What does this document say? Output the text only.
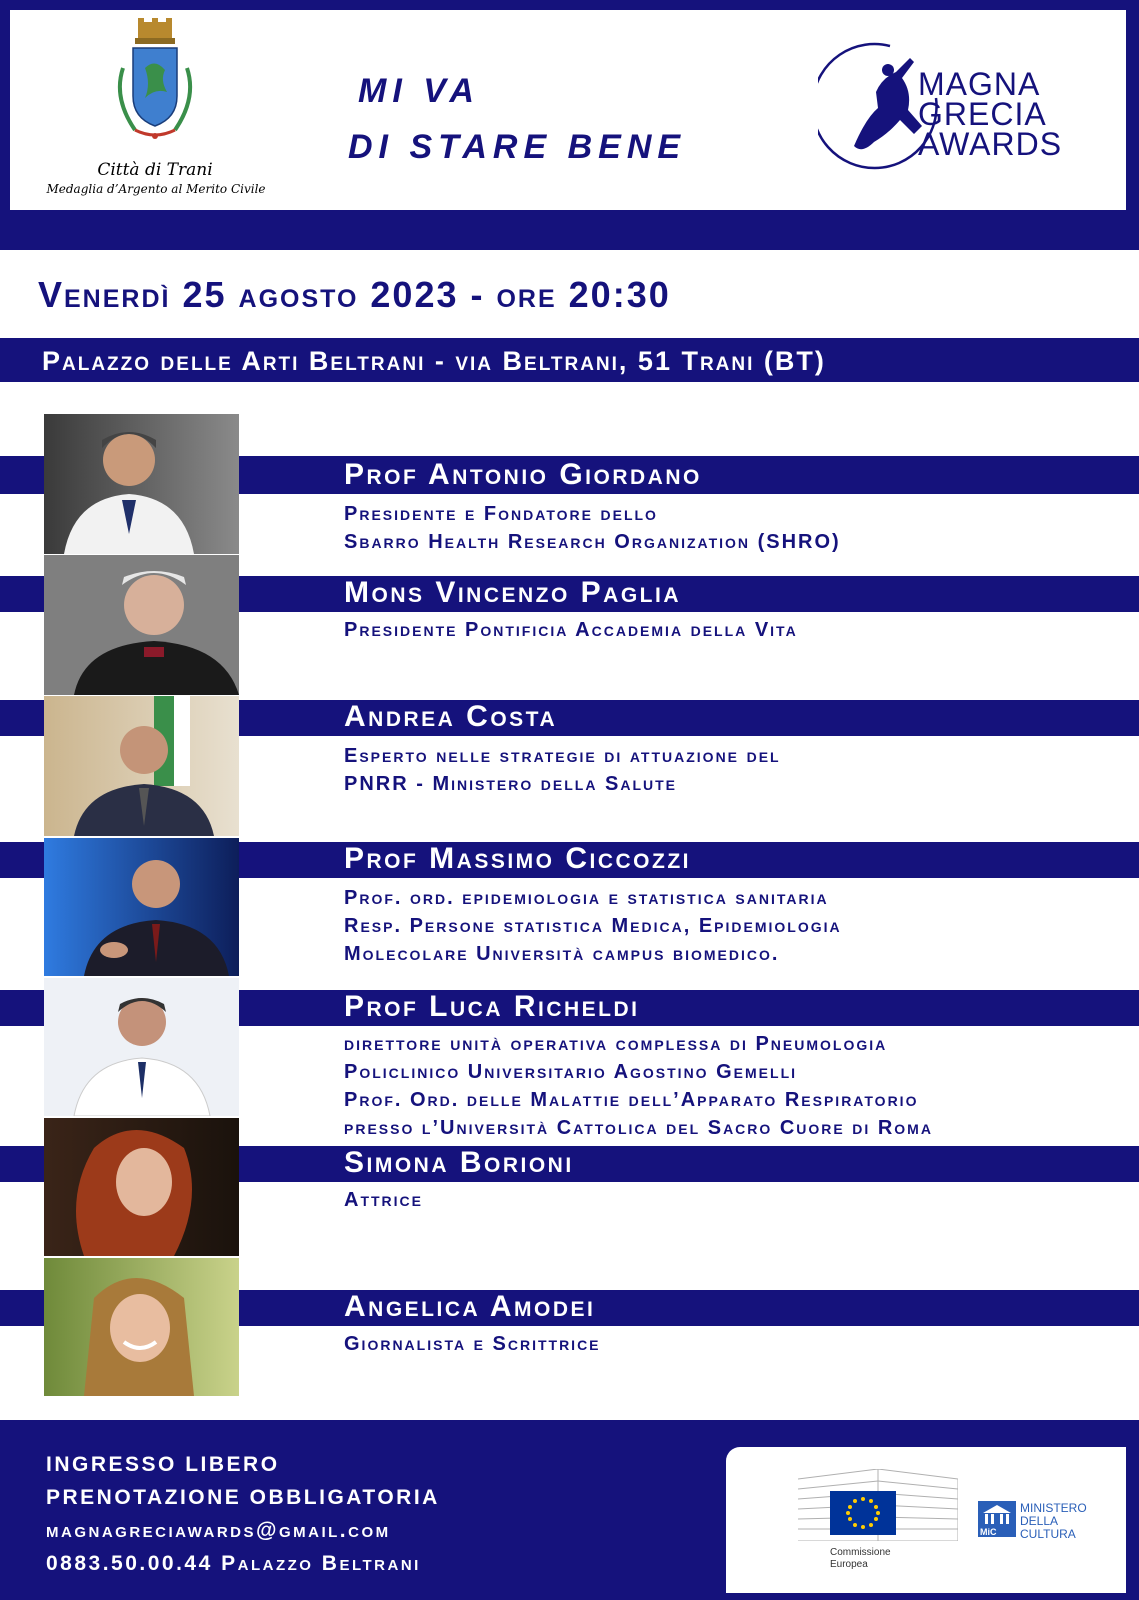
Città di Trani
Medaglia d’Argento al Merito Civile
MI VA
DI STARE BENE
MAGNA
GRECIA
AWARDS
Venerdì 25 agosto 2023 - ore 20:30
Palazzo delle Arti Beltrani - via Beltrani, 51 Trani (BT)
Prof Antonio Giordano
Presidente e Fondatore dello
Sbarro Health Research Organization (SHRO)
Mons Vincenzo Paglia
Presidente Pontificia Accademia della Vita
Andrea Costa
Esperto nelle strategie di attuazione del
PNRR - Ministero della Salute
Prof Massimo Ciccozzi
Prof. ord. epidemiologia e statistica sanitaria
Resp. Persone statistica Medica, Epidemiologia
Molecolare Università campus biomedico.
Prof Luca Richeldi
direttore unità operativa complessa di Pneumologia
Policlinico Universitario Agostino Gemelli
Prof. Ord. delle Malattie dell’Apparato Respiratorio
presso l’Università Cattolica del Sacro Cuore di Roma
Simona Borioni
Attrice
Angelica Amodei
Giornalista e Scrittrice
INGRESSO LIBERO
PRENOTAZIONE OBBLIGATORIA
magnagreciawards@gmail.com
0883.50.00.44 Palazzo Beltrani	Commissione
Europea
MiC
MINISTERO
DELLA
CULTURA
